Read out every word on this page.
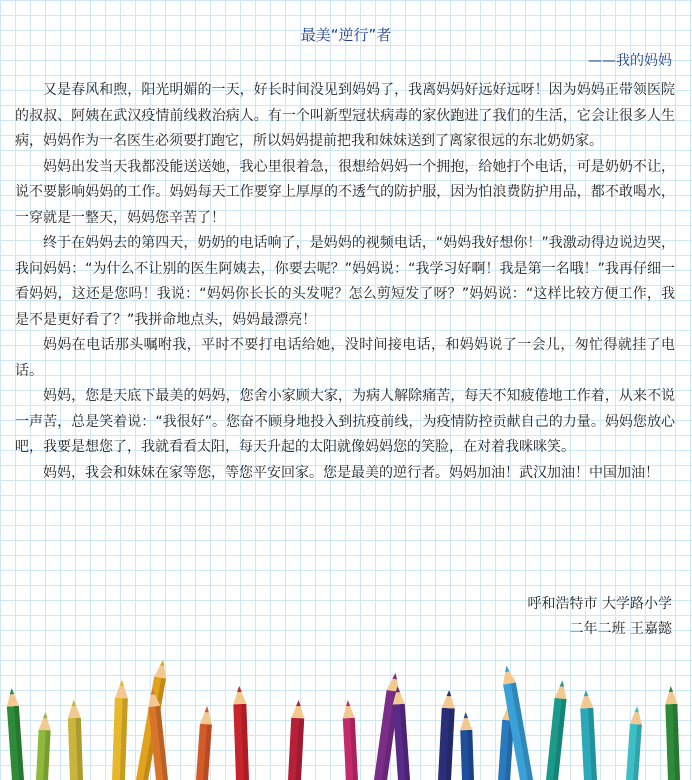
最美“逆行”者
——我的妈妈

又是春风和煦，阳光明媚的一天，好长时间没见到妈妈了，我离妈妈好远好远呀！因为妈妈正带领医院的叔叔、阿姨在武汉疫情前线救治病人。有一个叫新型冠状病毒的家伙跑进了我们的生活，它会让很多人生病，妈妈作为一名医生必须要打跑它，所以妈妈提前把我和妹妹送到了离家很远的东北奶奶家。

妈妈出发当天我都没能送送她，我心里很着急，很想给妈妈一个拥抱，给她打个电话，可是奶奶不让，说不要影响妈妈的工作。妈妈每天工作要穿上厚厚的不透气的防护服，因为怕浪费防护用品，都不敢喝水，一穿就是一整天，妈妈您辛苦了！

终于在妈妈去的第四天，奶奶的电话响了，是妈妈的视频电话，“妈妈我好想你！”我激动得边说边哭，我问妈妈：“为什么不让别的医生阿姨去，你要去呢？”妈妈说：“我学习好啊！我是第一名哦！”我再仔细一看妈妈，这还是您吗！我说：“妈妈你长长的头发呢？怎么剪短发了呀？”妈妈说：“这样比较方便工作，我是不是更好看了？”我拼命地点头，妈妈最漂亮！

妈妈在电话那头嘱咐我，平时不要打电话给她，没时间接电话，和妈妈说了一会儿，匆忙得就挂了电话。

妈妈，您是天底下最美的妈妈，您舍小家顾大家，为病人解除痛苦，每天不知疲倦地工作着，从来不说一声苦，总是笑着说：“我很好”。您奋不顾身地投入到抗疫前线，为疫情防控贡献自己的力量。妈妈您放心吧，我要是想您了，我就看看太阳，每天升起的太阳就像妈妈您的笑脸，在对着我咪咪笑。

妈妈，我会和妹妹在家等您，等您平安回家。您是最美的逆行者。妈妈加油！武汉加油！中国加油！

呼和浩特市 大学路小学
二年二班 王嘉懿
